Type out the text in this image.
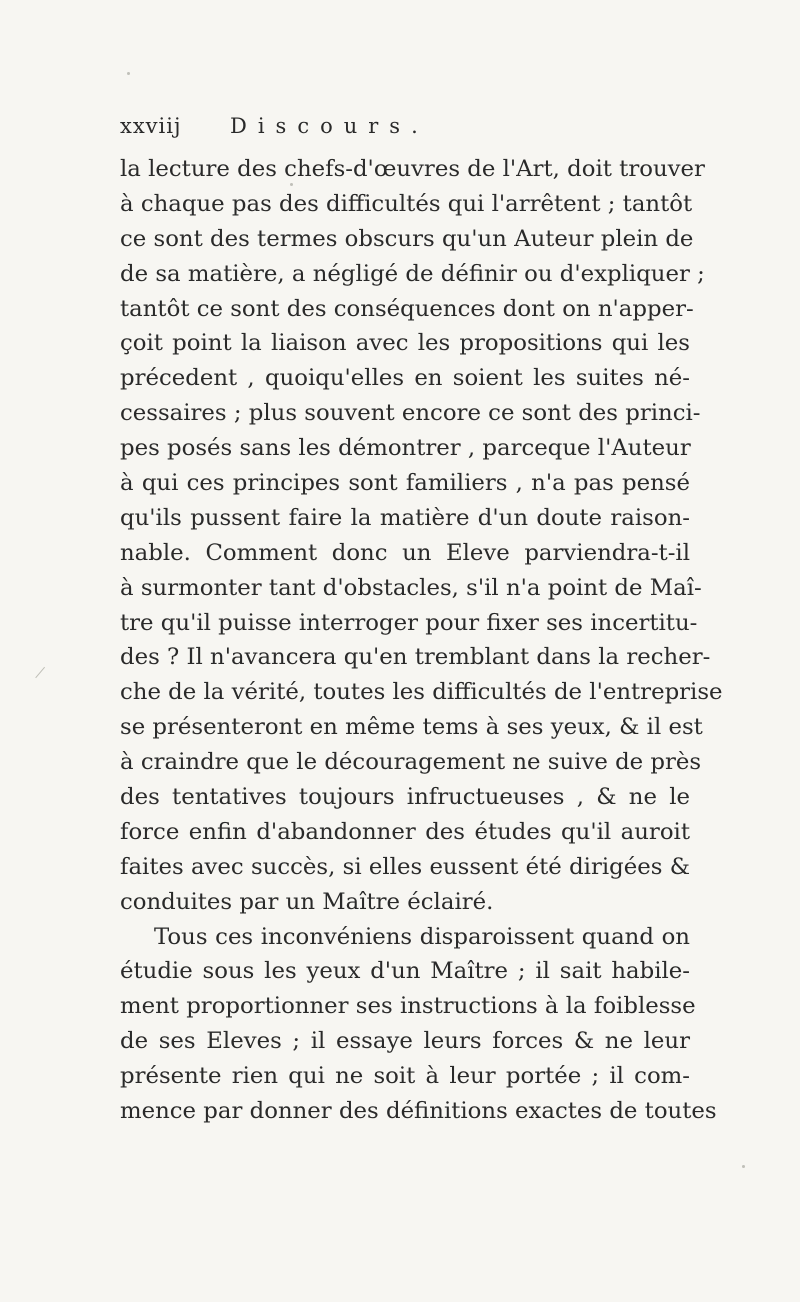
xxviij Discours.
la lecture des chefs-d'œuvres de l'Art, doit trouver
à chaque pas des difficultés qui l'arrêtent ; tantôt
ce sont des termes obscurs qu'un Auteur plein de
de sa matière, a négligé de définir ou d'expliquer ;
tantôt ce sont des conséquences dont on n'apper-
çoit point la liaison avec les propositions qui les
précedent , quoiqu'elles en soient les suites né-
cessaires ; plus souvent encore ce sont des princi-
pes posés sans les démontrer , parceque l'Auteur
à qui ces principes sont familiers , n'a pas pensé
qu'ils pussent faire la matière d'un doute raison-
nable. Comment donc un Eleve parviendra-t-il
à surmonter tant d'obstacles, s'il n'a point de Maî-
tre qu'il puisse interroger pour fixer ses incertitu-
des ? Il n'avancera qu'en tremblant dans la recher-
che de la vérité, toutes les difficultés de l'entreprise
se présenteront en même tems à ses yeux, & il est
à craindre que le découragement ne suive de près
des tentatives toujours infructueuses , & ne le
force enfin d'abandonner des études qu'il auroit
faites avec succès, si elles eussent été dirigées &
conduites par un Maître éclairé.
Tous ces inconvéniens disparoissent quand on
étudie sous les yeux d'un Maître ; il sait habile-
ment proportionner ses instructions à la foiblesse
de ses Eleves ; il essaye leurs forces & ne leur
présente rien qui ne soit à leur portée ; il com-
mence par donner des définitions exactes de toutes
